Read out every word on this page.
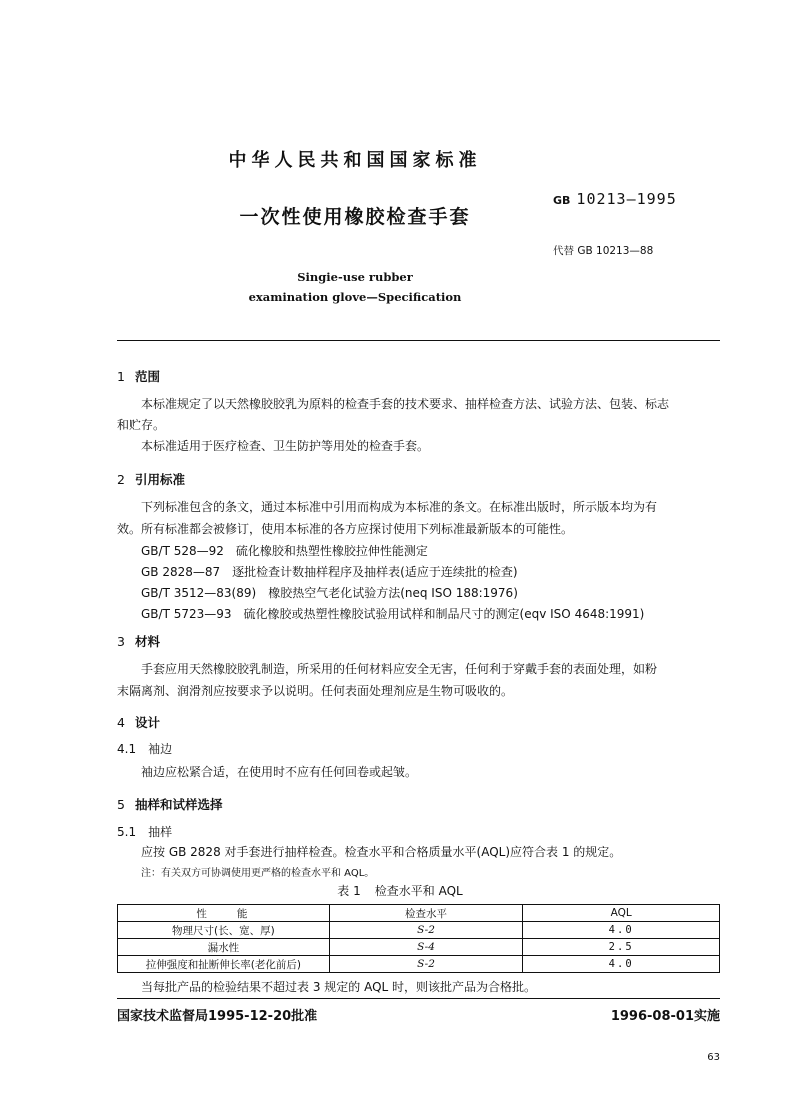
中华人民共和国国家标准
GB 10213—1995
一次性使用橡胶检查手套
代替 GB 10213—88
Singie-use rubber
examination glove—Specification
1 范围
本标准规定了以天然橡胶胶乳为原料的检查手套的技术要求、抽样检查方法、试验方法、包装、标志
和贮存。
本标准适用于医疗检查、卫生防护等用处的检查手套。
2 引用标准
下列标准包含的条文，通过本标准中引用而构成为本标准的条文。在标准出版时，所示版本均为有
效。所有标准都会被修订，使用本标准的各方应探讨使用下列标准最新版本的可能性。
GB/T 528—92　 硫化橡胶和热塑性橡胶拉伸性能测定
GB 2828—87　 逐批检查计数抽样程序及抽样表(适应于连续批的检查)
GB/T 3512—83(89)　 橡胶热空气老化试验方法(neq ISO 188:1976)
GB/T 5723—93　 硫化橡胶或热塑性橡胶试验用试样和制品尺寸的测定(eqv ISO 4648:1991)
3 材料
手套应用天然橡胶胶乳制造，所采用的任何材料应安全无害，任何利于穿戴手套的表面处理，如粉
末隔离剂、润滑剂应按要求予以说明。任何表面处理剂应是生物可吸收的。
4 设计
4.1　 袖边
袖边应松紧合适，在使用时不应有任何回卷或起皱。
5 抽样和试样选择
5.1　 抽样
应按 GB 2828 对手套进行抽样检查。检查水平和合格质量水平(AQL)应符合表 1 的规定。
注：有关双方可协调使用更严格的检查水平和 AQL。
表 1 检查水平和 AQL
性　　能	检查水平	AQL
物理尺寸(长、宽、厚)	S-2	4.0
漏水性	S-4	2.5
拉伸强度和扯断伸长率(老化前后)	S-2	4.0
当每批产品的检验结果不超过表 3 规定的 AQL 时，则该批产品为合格批。
国家技术监督局1995-12-20批准	1996-08-01实施
63
